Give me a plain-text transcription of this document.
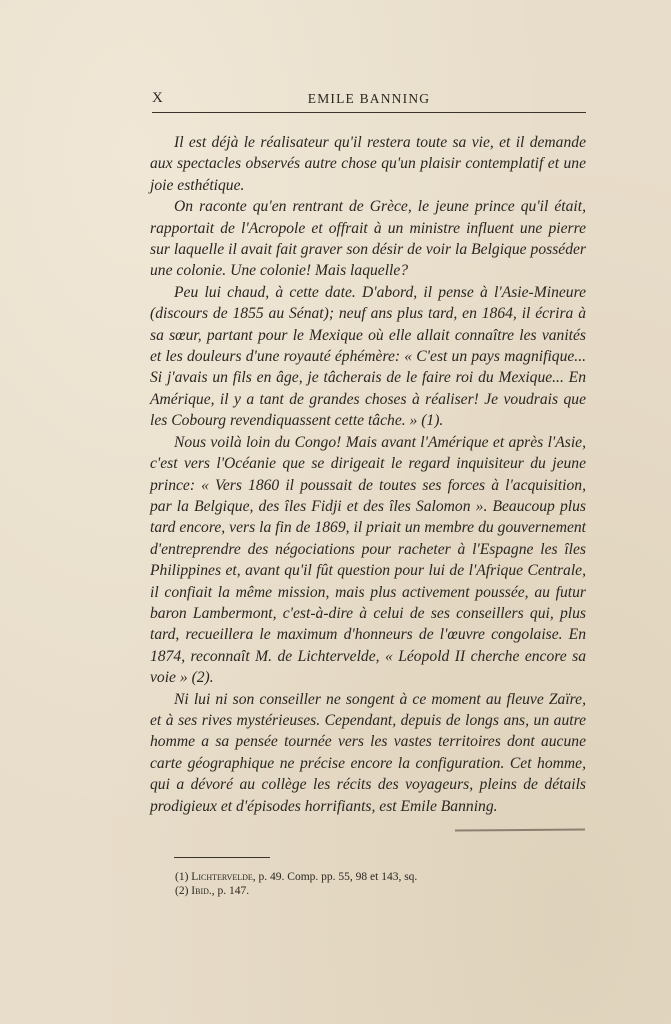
X	EMILE BANNING

Il est déjà le réalisateur qu'il restera toute sa vie, et il demande aux spectacles observés autre chose qu'un plaisir contemplatif et une joie esthétique.

On raconte qu'en rentrant de Grèce, le jeune prince qu'il était, rapportait de l'Acropole et offrait à un ministre influent une pierre sur laquelle il avait fait graver son désir de voir la Belgique posséder une colonie. Une colonie! Mais laquelle?

Peu lui chaud, à cette date. D'abord, il pense à l'Asie-Mineure (discours de 1855 au Sénat); neuf ans plus tard, en 1864, il écrira à sa sœur, partant pour le Mexique où elle allait connaître les vanités et les douleurs d'une royauté éphémère: « C'est un pays magnifique... Si j'avais un fils en âge, je tâcherais de le faire roi du Mexique... En Amérique, il y a tant de grandes choses à réaliser! Je voudrais que les Cobourg revendiquassent cette tâche. » (1).

Nous voilà loin du Congo! Mais avant l'Amérique et après l'Asie, c'est vers l'Océanie que se dirigeait le regard inquisiteur du jeune prince: « Vers 1860 il poussait de toutes ses forces à l'acquisition, par la Belgique, des îles Fidji et des îles Salomon ». Beaucoup plus tard encore, vers la fin de 1869, il priait un membre du gouvernement d'entreprendre des négociations pour racheter à l'Espagne les îles Philippines et, avant qu'il fût question pour lui de l'Afrique Centrale, il confiait la même mission, mais plus activement poussée, au futur baron Lambermont, c'est-à-dire à celui de ses conseillers qui, plus tard, recueillera le maximum d'honneurs de l'œuvre congolaise. En 1874, reconnaît M. de Lichtervelde, « Léopold II cherche encore sa voie » (2).

Ni lui ni son conseiller ne songent à ce moment au fleuve Zaïre, et à ses rives mystérieuses. Cependant, depuis de longs ans, un autre homme a sa pensée tournée vers les vastes territoires dont aucune carte géographique ne précise encore la configuration. Cet homme, qui a dévoré au collège les récits des voyageurs, pleins de détails prodigieux et d'épisodes horrifiants, est Emile Banning.

(1) Lichtervelde, p. 49. Comp. pp. 55, 98 et 143, sq.

(2) Ibid., p. 147.
